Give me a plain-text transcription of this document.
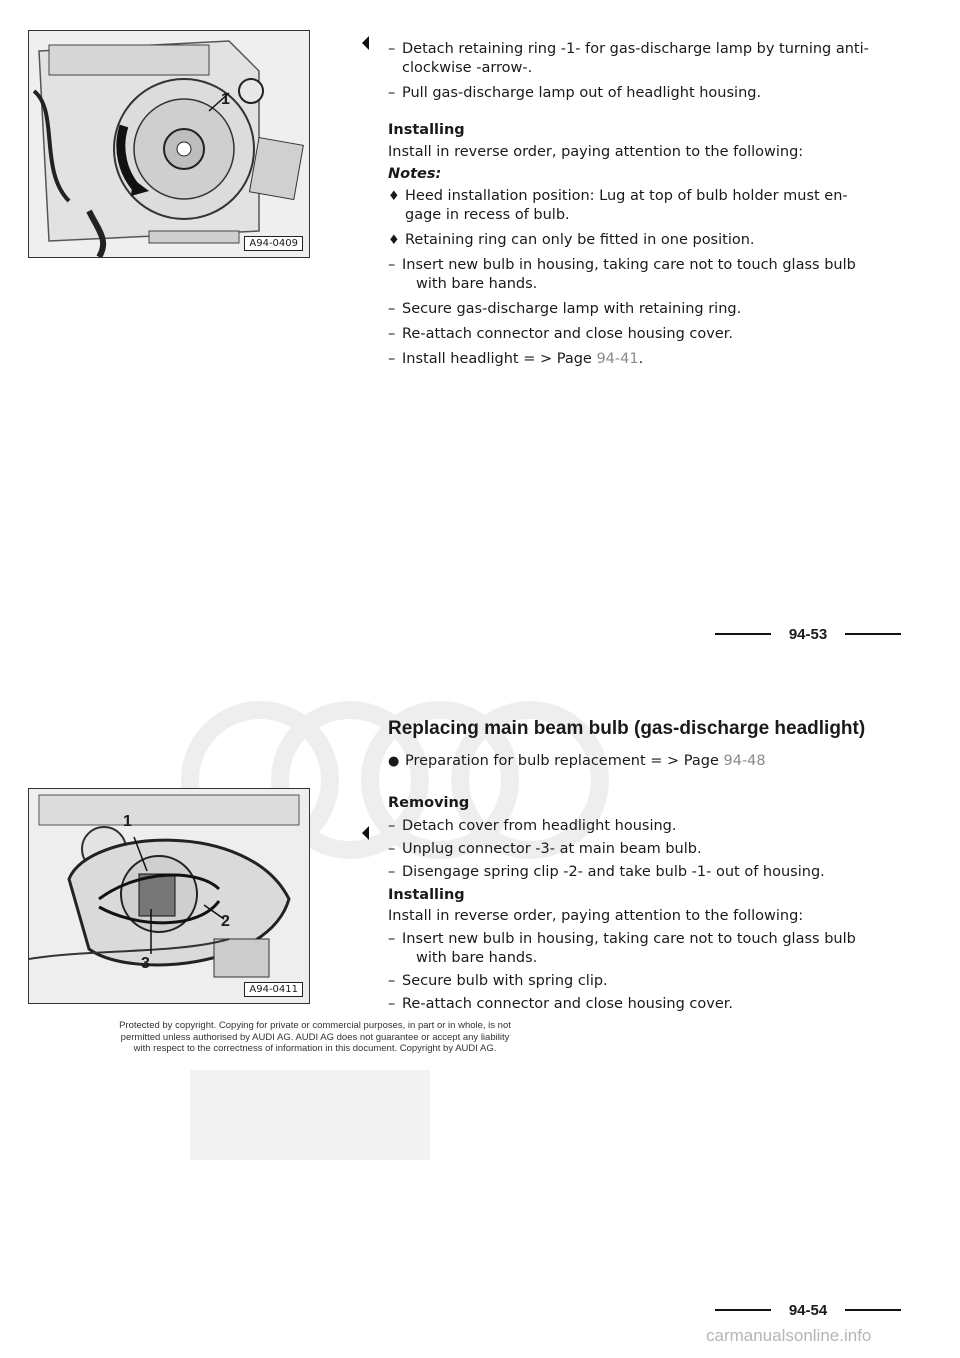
1
A94-0409
– Detach retaining ring -1- for gas-discharge lamp by turning anti-
clockwise -arrow-.
– Pull gas-discharge lamp out of headlight housing.
Installing
Install in reverse order, paying attention to the following:
Notes:
♦ Heed installation position: Lug at top of bulb holder must en-
gage in recess of bulb.
♦ Retaining ring can only be fitted in one position.
– Insert new bulb in housing, taking care not to touch glass bulb
with bare hands.
– Secure gas-discharge lamp with retaining ring.
– Re-attach connector and close housing cover.
– Install headlight = > Page 94-41.
94-53
Replacing main beam bulb (gas-discharge headlight)
● Preparation for bulb replacement = > Page 94-48
1
2
3
A94-0411
Removing
– Detach cover from headlight housing.
– Unplug connector -3- at main beam bulb.
– Disengage spring clip -2- and take bulb -1- out of housing.
Installing
Install in reverse order, paying attention to the following:
– Insert new bulb in housing, taking care not to touch glass bulb
with bare hands.
– Secure bulb with spring clip.
– Re-attach connector and close housing cover.
Protected by copyright. Copying for private or commercial purposes, in part or in whole, is not
permitted unless authorised by AUDI AG. AUDI AG does not guarantee or accept any liability
with respect to the correctness of information in this document. Copyright by AUDI AG.
94-54
carmanualsonline.info
